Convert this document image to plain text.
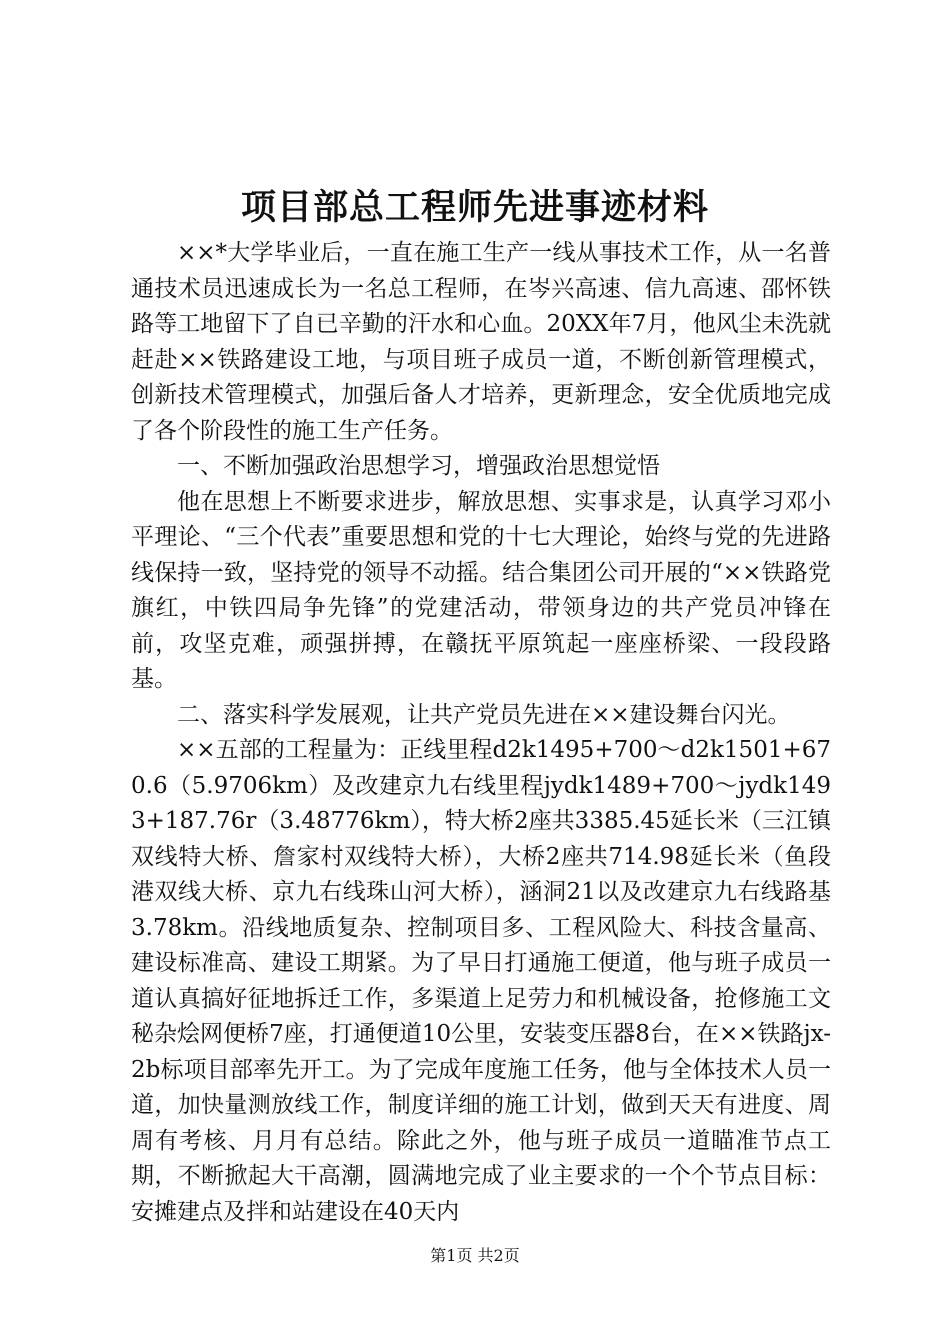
项目部总工程师先进事迹材料

××*大学毕业后，一直在施工生产一线从事技术工作，从一名普通技术员迅速成长为一名总工程师，在岑兴高速、信九高速、邵怀铁路等工地留下了自已辛勤的汗水和心血。20XX年7月，他风尘未洗就赶赴××铁路建设工地，与项目班子成员一道，不断创新管理模式，创新技术管理模式，加强后备人才培养，更新理念，安全优质地完成了各个阶段性的施工生产任务。

一、不断加强政治思想学习，增强政治思想觉悟

他在思想上不断要求进步，解放思想、实事求是，认真学习邓小平理论、“三个代表”重要思想和党的十七大理论，始终与党的先进路线保持一致，坚持党的领导不动摇。结合集团公司开展的“××铁路党旗红，中铁四局争先锋”的党建活动，带领身边的共产党员冲锋在前，攻坚克难，顽强拼搏，在赣抚平原筑起一座座桥梁、一段段路基。

二、落实科学发展观，让共产党员先进在××建设舞台闪光。

××五部的工程量为：正线里程d2k1495+700～d2k1501+670.6（5.9706km）及改建京九右线里程jydk1489+700～jydk1493+187.76r（3.48776km），特大桥2座共3385.45延长米（三江镇双线特大桥、詹家村双线特大桥），大桥2座共714.98延长米（鱼段港双线大桥、京九右线珠山河大桥），涵洞21以及改建京九右线路基3.78km。沿线地质复杂、控制项目多、工程风险大、科技含量高、建设标准高、建设工期紧。为了早日打通施工便道，他与班子成员一道认真搞好征地拆迁工作，多渠道上足劳力和机械设备，抢修施工文秘杂烩网便桥7座，打通便道10公里，安装变压器8台，在××铁路jx-2b标项目部率先开工。为了完成年度施工任务，他与全体技术人员一道，加快量测放线工作，制度详细的施工计划，做到天天有进度、周周有考核、月月有总结。除此之外，他与班子成员一道瞄准节点工期，不断掀起大干高潮，圆满地完成了业主要求的一个个节点目标：安摊建点及拌和站建设在40天内

第1页 共2页
